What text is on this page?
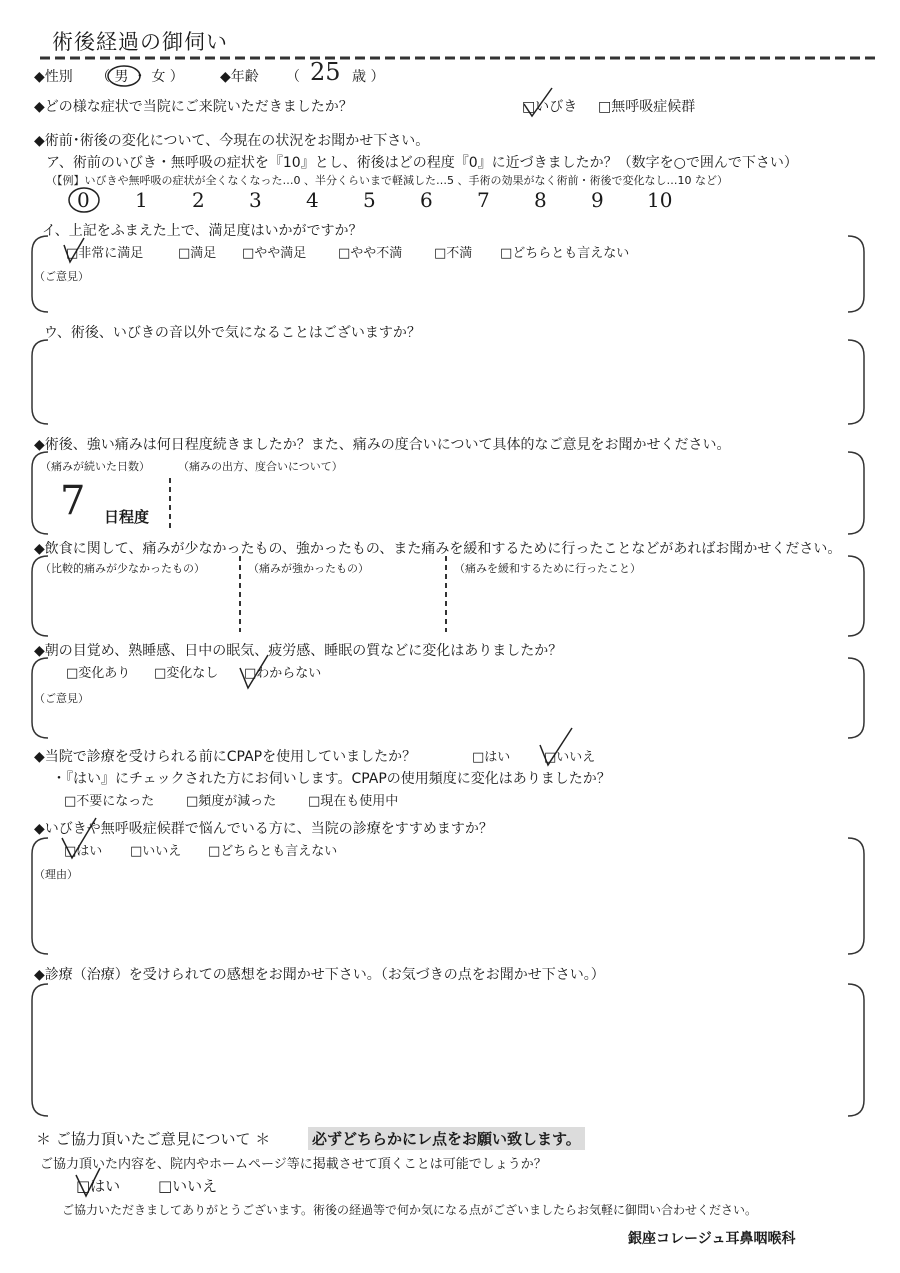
術後経過の御伺い
◆性別 （ 男 ・ 女 ）	◆年齢 （ 25 歳 ）
◆どの様な症状で当院にご来院いただきましたか？	□いびき □無呼吸症候群
◆術前･術後の変化について、今現在の状況をお聞かせ下さい。
ア、術前のいびき・無呼吸の症状を『10』とし、術後はどの程度『0』に近づきましたか？（数字を○で囲んで下さい）
（【例】いびきや無呼吸の症状が全くなくなった…0 、半分くらいまで軽減した…5 、手術の効果がなく術前・術後で変化なし…10 など）
0 1 2 3 4 5 6 7 8 9 10
イ、上記をふまえた上で、満足度はいかがですか？
□非常に満足	□満足 □やや満足 □やや不満 □不満 □どちらとも言えない
（ご意見）
ウ、術後、いびきの音以外で気になることはございますか？
◆術後、強い痛みは何日程度続きましたか？また、痛みの度合いについて具体的なご意見をお聞かせください。
（痛みが続いた日数）	（痛みの出方、度合いについて）
7 日程度
◆飲食に関して、痛みが少なかったもの、強かったもの、また痛みを緩和するために行ったことなどがあればお聞かせください。
（比較的痛みが少なかったもの）	（痛みが強かったもの）	（痛みを緩和するために行ったこと）
◆朝の目覚め、熟睡感、日中の眠気、疲労感、睡眠の質などに変化はありましたか？
□変化あり □変化なし □わからない
（ご意見）
◆当院で診療を受けられる前にCPAPを使用していましたか？	□はい	□いいえ
・『はい』にチェックされた方にお伺いします。CPAPの使用頻度に変化はありましたか？
□不要になった □頻度が減った □現在も使用中
◆いびきや無呼吸症候群で悩んでいる方に、当院の診療をすすめますか？
□はい □いいえ □どちらとも言えない
（理由）
◆診療（治療）を受けられての感想をお聞かせ下さい。（お気づきの点をお聞かせ下さい。）
＊ ご協力頂いたご意見について ＊	必ずどちらかにレ点をお願い致します。
ご協力頂いた内容を、院内やホームページ等に掲載させて頂くことは可能でしょうか？
□はい	□いいえ
ご協力いただきましてありがとうございます。術後の経過等で何か気になる点がございましたらお気軽に御問い合わせください。
銀座コレージュ耳鼻咽喉科
